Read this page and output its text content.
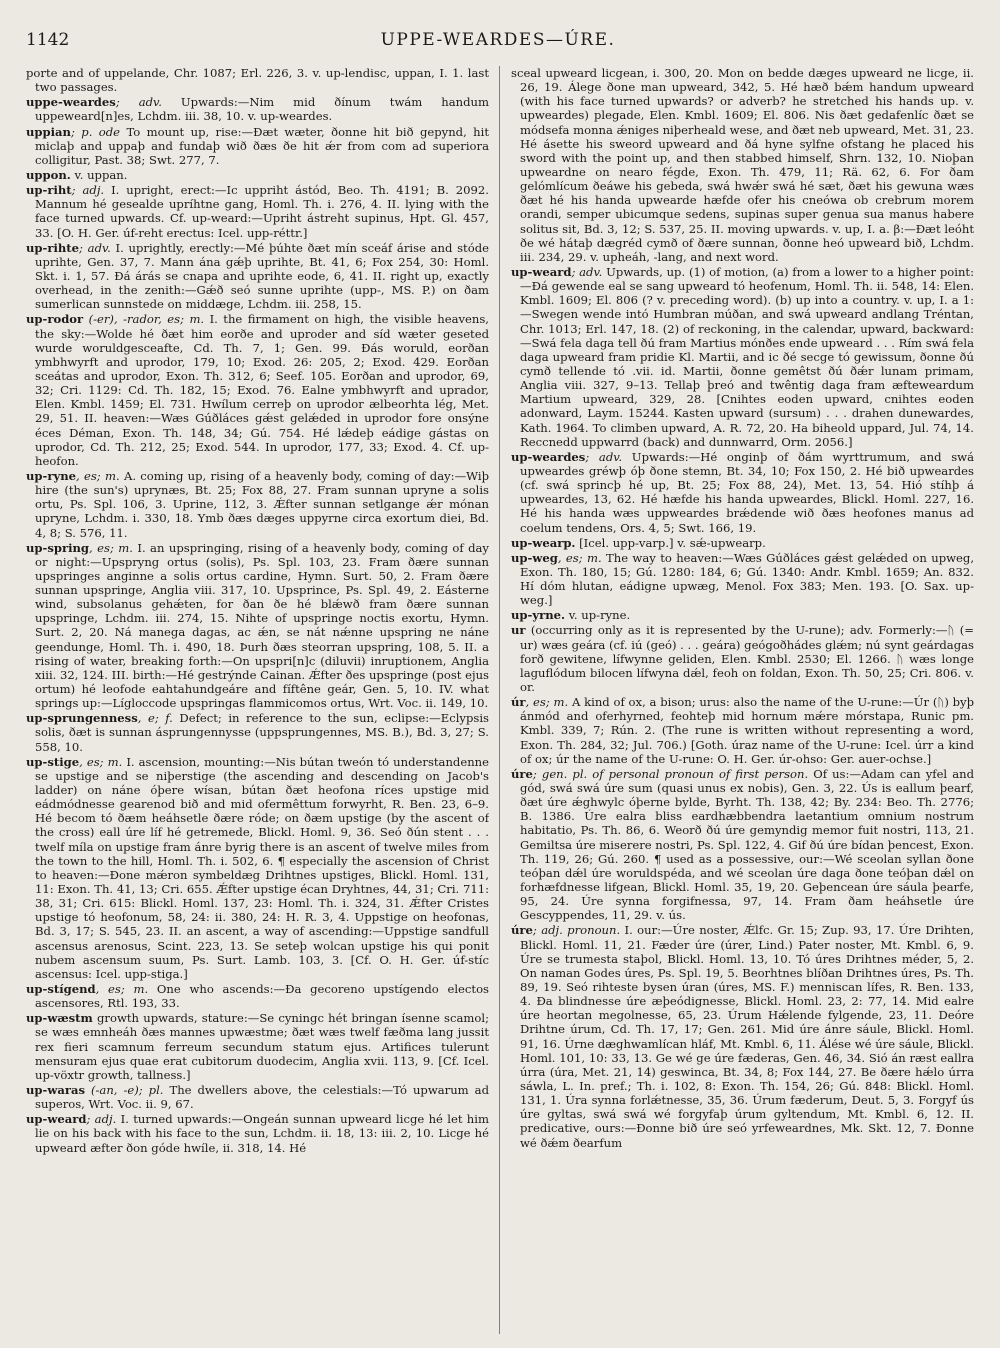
1142	UPPE-WEARDES—ÚRE.

porte and of uppelande, Chr. 1087; Erl. 226, 3. v. up-lendisc, uppan, I. 1. last two passages.

uppe-weardes; adv. Upwards:—Nim mid ðínum twám handum uppeweard[n]es, Lchdm. iii. 38, 10. v. up-weardes.

uppian; p. ode To mount up, rise:—Ðæt wæter, ðonne hit bið gepynd, hit miclaþ and uppaþ and fundaþ wið ðæs ðe hit ǽr from com ad superiora colligitur, Past. 38; Swt. 277, 7.

uppon. v. uppan.

up-riht; adj. I. upright, erect:—Ic uppriht ástód, Beo. Th. 4191; B. 2092. Mannum hé gesealde upríhtne gang, Homl. Th. i. 276, 4. II. lying with the face turned upwards. Cf. up-weard:—Upriht ástreht supinus, Hpt. Gl. 457, 33. [O. H. Ger. úf-reht erectus: Icel. upp-réttr.]

up-rihte; adv. I. uprightly, erectly:—Mé þúhte ðæt mín sceáf árise and stóde uprihte, Gen. 37, 7. Mann ána gǽþ uprihte, Bt. 41, 6; Fox 254, 30: Homl. Skt. i. 1, 57. Ðá árás se cnapa and uprihte eode, 6, 41. II. right up, exactly overhead, in the zenith:—Gǽð seó sunne uprihte (upp-, MS. P.) on ðam sumerlican sunnstede on middæge, Lchdm. iii. 258, 15.

up-rodor (-er), -rador, es; m. I. the firmament on high, the visible heavens, the sky:—Wolde hé ðæt him eorðe and uproder and síd wæter geseted wurde woruldgesceafte, Cd. Th. 7, 1; Gen. 99. Ðás woruld, eorðan ymbhwyrft and uprodor, 179, 10; Exod. 26: 205, 2; Exod. 429. Eorðan sceátas and uprodor, Exon. Th. 312, 6; Seef. 105. Eorðan and uprodor, 69, 32; Cri. 1129: Cd. Th. 182, 15; Exod. 76. Ealne ymbhwyrft and uprador, Elen. Kmbl. 1459; El. 731. Hwílum cerreþ on uprodor ælbeorhta lég, Met. 29, 51. II. heaven:—Wæs Gúðláces gǽst gelǽded in uprodor fore onsýne éces Déman, Exon. Th. 148, 34; Gú. 754. Hé lǽdeþ eádige gástas on uprodor, Cd. Th. 212, 25; Exod. 544. In uprodor, 177, 33; Exod. 4. Cf. up-heofon.

up-ryne, es; m. A. coming up, rising of a heavenly body, coming of day:—Wiþ hire (the sun's) uprynæs, Bt. 25; Fox 88, 27. Fram sunnan upryne a solis ortu, Ps. Spl. 106, 3. Uprine, 112, 3. Ǽfter sunnan setlgange ǽr mónan upryne, Lchdm. i. 330, 18. Ymb ðæs dæges uppyrne circa exortum diei, Bd. 4, 8; S. 576, 11.

up-spring, es; m. I. an upspringing, rising of a heavenly body, coming of day or night:—Upspryng ortus (solis), Ps. Spl. 103, 23. Fram ðære sunnan upspringes anginne a solis ortus cardine, Hymn. Surt. 50, 2. Fram ðære sunnan upspringe, Anglia viii. 317, 10. Upsprince, Ps. Spl. 49, 2. Eásterne wind, subsolanus gehǽten, for ðan ðe hé blǽwð fram ðære sunnan upspringe, Lchdm. iii. 274, 15. Nihte of upspringe noctis exortu, Hymn. Surt. 2, 20. Ná manega dagas, ac ǽn, se nát nǽnne upspring ne náne geendunge, Homl. Th. i. 490, 18. Þurh ðæs steorran upspring, 108, 5. II. a rising of water, breaking forth:—On upspri[n]c (diluvii) inruptionem, Anglia xiii. 32, 124. III. birth:—Hé gestrýnde Cainan. Ǽfter ðes upspringe (post ejus ortum) hé leofode eahtahundgeáre and fíftêne geár, Gen. 5, 10. IV. what springs up:—Lígloccode upspringas flammicomos ortus, Wrt. Voc. ii. 149, 10.

up-sprungenness, e; f. Defect; in reference to the sun, eclipse:—Eclypsis solis, ðæt is sunnan ásprungennysse (uppsprungennes, MS. B.), Bd. 3, 27; S. 558, 10.

up-stige, es; m. I. ascension, mounting:—Nis bútan tweón tó understandenne se upstige and se niþerstige (the ascending and descending on Jacob's ladder) on náne óþere wísan, bútan ðæt heofona ríces upstige mid eádmódnesse gearenod bið and mid ofermêttum forwyrht, R. Ben. 23, 6–9. Hé becom tó ðæm heáhsetle ðære róde; on ðæm upstige (by the ascent of the cross) eall úre líf hé getremede, Blickl. Homl. 9, 36. Seó ðún stent . . . twelf míla on upstige fram ánre byrig there is an ascent of twelve miles from the town to the hill, Homl. Th. i. 502, 6. ¶ especially the ascension of Christ to heaven:—Ðone mǽron symbeldæg Drihtnes upstiges, Blickl. Homl. 131, 11: Exon. Th. 41, 13; Cri. 655. Ǽfter upstige écan Dryhtnes, 44, 31; Cri. 711: 38, 31; Cri. 615: Blickl. Homl. 137, 23: Homl. Th. i. 324, 31. Ǽfter Cristes upstige tó heofonum, 58, 24: ii. 380, 24: H. R. 3, 4. Uppstige on heofonas, Bd. 3, 17; S. 545, 23. II. an ascent, a way of ascending:—Uppstige sandfull ascensus arenosus, Scint. 223, 13. Se seteþ wolcan upstige his qui ponit nubem ascensum suum, Ps. Surt. Lamb. 103, 3. [Cf. O. H. Ger. úf-stíc ascensus: Icel. upp-stiga.]

up-stígend, es; m. One who ascends:—Ða gecoreno upstígendo electos ascensores, Rtl. 193, 33.

up-wæstm growth upwards, stature:—Se cyningc hét bringan ísenne scamol; se wæs emnheáh ðæs mannes upwæstme; ðæt wæs twelf fæðma lang jussit rex fieri scamnum ferreum secundum statum ejus. Artifices tulerunt mensuram ejus quae erat cubitorum duodecim, Anglia xvii. 113, 9. [Cf. Icel. up-vöxtr growth, tallness.]

up-waras (-an, -e); pl. The dwellers above, the celestials:—Tó upwarum ad superos, Wrt. Voc. ii. 9, 67.

up-weard; adj. I. turned upwards:—Ongeán sunnan upweard licge hé let him lie on his back with his face to the sun, Lchdm. ii. 18, 13: iii. 2, 10. Licge hé upweard æfter ðon góde hwíle, ii. 318, 14. Hé

sceal upweard licgean, i. 300, 20. Mon on bedde dæges upweard ne licge, ii. 26, 19. Álege ðone man upweard, 342, 5. Hé hæð bǽm handum upweard (with his face turned upwards? or adverb? he stretched his hands up. v. upweardes) plegade, Elen. Kmbl. 1609; El. 806. Nis ðæt gedafenlíc ðæt se módsefa monna ǽniges niþerheald wese, and ðæt neb upweard, Met. 31, 23. Hé ásette his sweord upweard and ðá hyne sylfne ofstang he placed his sword with the point up, and then stabbed himself, Shrn. 132, 10. Nioþan upweardne on nearo fégde, Exon. Th. 479, 11; Rä. 62, 6. For ðam gelómlícum ðeáwe his gebeda, swá hwǽr swá hé sæt, ðæt his gewuna wæs ðæt hé his handa upwearde hæfde ofer his cneówa ob crebrum morem orandi, semper ubicumque sedens, supinas super genua sua manus habere solitus sit, Bd. 3, 12; S. 537, 25. II. moving upwards. v. up, I. a. β:—Ðæt leóht ðe wé hátaþ dægréd cymð of ðære sunnan, ðonne heó upweard bið, Lchdm. iii. 234, 29. v. upheáh, -lang, and next word.

up-weard; adv. Upwards, up. (1) of motion, (a) from a lower to a higher point:—Ðá gewende eal se sang upweard tó heofenum, Homl. Th. ii. 548, 14: Elen. Kmbl. 1609; El. 806 (? v. preceding word). (b) up into a country. v. up, I. a 1:—Swegen wende intó Humbran múðan, and swá upweard andlang Tréntan, Chr. 1013; Erl. 147, 18. (2) of reckoning, in the calendar, upward, backward:—Swá fela daga tell ðú fram Martius mónðes ende upweard . . . Rím swá fela daga upweard fram pridie Kl. Martii, and ic ðé secge tó gewissum, ðonne ðú cymð tellende tó .vii. id. Martii, ðonne gemêtst ðú ðǽr lunam primam, Anglia viii. 327, 9–13. Tellaþ þreó and twêntig daga fram æfteweardum Martium upweard, 329, 28. [Cnihtes eoden upward, cnihtes eoden adonward, Laym. 15244. Kasten upward (sursum) . . . drahen dunewardes, Kath. 1964. To climben upward, A. R. 72, 20. Ha biheold uppard, Jul. 74, 14. Reccnedd uppwarrd (back) and dunnwarrd, Orm. 2056.]

up-weardes; adv. Upwards:—Hé onginþ of ðám wyrttrumum, and swá upweardes gréwþ óþ ðone stemn, Bt. 34, 10; Fox 150, 2. Hé bið upweardes (cf. swá sprincþ hé up, Bt. 25; Fox 88, 24), Met. 13, 54. Hió stíhþ á upweardes, 13, 62. Hé hæfde his handa upweardes, Blickl. Homl. 227, 16. Hé his handa wæs uppweardes brǽdende wið ðæs heofones manus ad coelum tendens, Ors. 4, 5; Swt. 166, 19.

up-wearp. [Icel. upp-varp.] v. sǽ-upwearp.

up-weg, es; m. The way to heaven:—Wæs Gúðláces gǽst gelǽded on upweg, Exon. Th. 180, 15; Gú. 1280: 184, 6; Gú. 1340: Andr. Kmbl. 1659; An. 832. Hí dóm hlutan, eádigne upwæg, Menol. Fox 383; Men. 193. [O. Sax. up-weg.]

up-yrne. v. up-ryne.

ur (occurring only as it is represented by the U-rune); adv. Formerly:—ᚢ (= ur) wæs geára (cf. iú (geó) . . . geára) geógoðhádes glǽm; nú synt geárdagas forð gewitene, lífwynne geliden, Elen. Kmbl. 2530; El. 1266. ᚢ wæs longe laguflódum bilocen lífwyna dǽl, feoh on foldan, Exon. Th. 50, 25; Cri. 806. v. or.

úr, es; m. A kind of ox, a bison; urus: also the name of the U-rune:—Úr (ᚢ) byþ ánmód and oferhyrned, feohteþ mid hornum mǽre mórstapa, Runic pm. Kmbl. 339, 7; Rún. 2. (The rune is written without representing a word, Exon. Th. 284, 32; Jul. 706.) [Goth. úraz name of the U-rune: Icel. úrr a kind of ox; úr the name of the U-rune: O. H. Ger. úr-ohso: Ger. auer-ochse.]

úre; gen. pl. of personal pronoun of first person. Of us:—Adam can yfel and gód, swá swá úre sum (quasi unus ex nobis), Gen. 3, 22. Ús is eallum þearf, ðæt úre ǽghwylc óþerne bylde, Byrht. Th. 138, 42; By. 234: Beo. Th. 2776; B. 1386. Úre ealra bliss eardhæbbendra laetantium omnium nostrum habitatio, Ps. Th. 86, 6. Weorð ðú úre gemyndig memor fuit nostri, 113, 21. Gemiltsa úre miserere nostri, Ps. Spl. 122, 4. Gif ðú úre bídan þencest, Exon. Th. 119, 26; Gú. 260. ¶ used as a possessive, our:—Wé sceolan syllan ðone teóþan dǽl úre woruldspéda, and wé sceolan úre daga ðone teóþan dǽl on forhæfdnesse lifgean, Blickl. Homl. 35, 19, 20. Geþencean úre sáula þearfe, 95, 24. Úre synna forgifnessa, 97, 14. Fram ðam heáhsetle úre Gescyppendes, 11, 29. v. ús.

úre; adj. pronoun. I. our:—Úre noster, Ǽlfc. Gr. 15; Zup. 93, 17. Úre Drihten, Blickl. Homl. 11, 21. Fæder úre (úrer, Lind.) Pater noster, Mt. Kmbl. 6, 9. Úre se trumesta staþol, Blickl. Homl. 13, 10. Tó úres Drihtnes méder, 5, 2. On naman Godes úres, Ps. Spl. 19, 5. Beorhtnes blíðan Drihtnes úres, Ps. Th. 89, 19. Seó rihteste bysen úran (úres, MS. F.) menniscan lífes, R. Ben. 133, 4. Ða blindnesse úre æþeódignesse, Blickl. Homl. 23, 2: 77, 14. Mid ealre úre heortan megolnesse, 65, 23. Úrum Hǽlende fylgende, 23, 11. Deóre Drihtne úrum, Cd. Th. 17, 17; Gen. 261. Mid úre ánre sáule, Blickl. Homl. 91, 16. Úrne dæghwamlícan hláf, Mt. Kmbl. 6, 11. Álése wé úre sáule, Blickl. Homl. 101, 10: 33, 13. Ge wé ge úre fæderas, Gen. 46, 34. Sió án ræst eallra úrra (úra, Met. 21, 14) geswinca, Bt. 34, 8; Fox 144, 27. Be ðære hǽlo úrra sáwla, L. In. pref.; Th. i. 102, 8: Exon. Th. 154, 26; Gú. 848: Blickl. Homl. 131, 1. Úra synna forlǽtnesse, 35, 36. Úrum fæderum, Deut. 5, 3. Forgyf ús úre gyltas, swá swá wé forgyfaþ úrum gyltendum, Mt. Kmbl. 6, 12. II. predicative, ours:—Ðonne bið úre seó yrfeweardnes, Mk. Skt. 12, 7. Ðonne wé ðǽm ðearfum
